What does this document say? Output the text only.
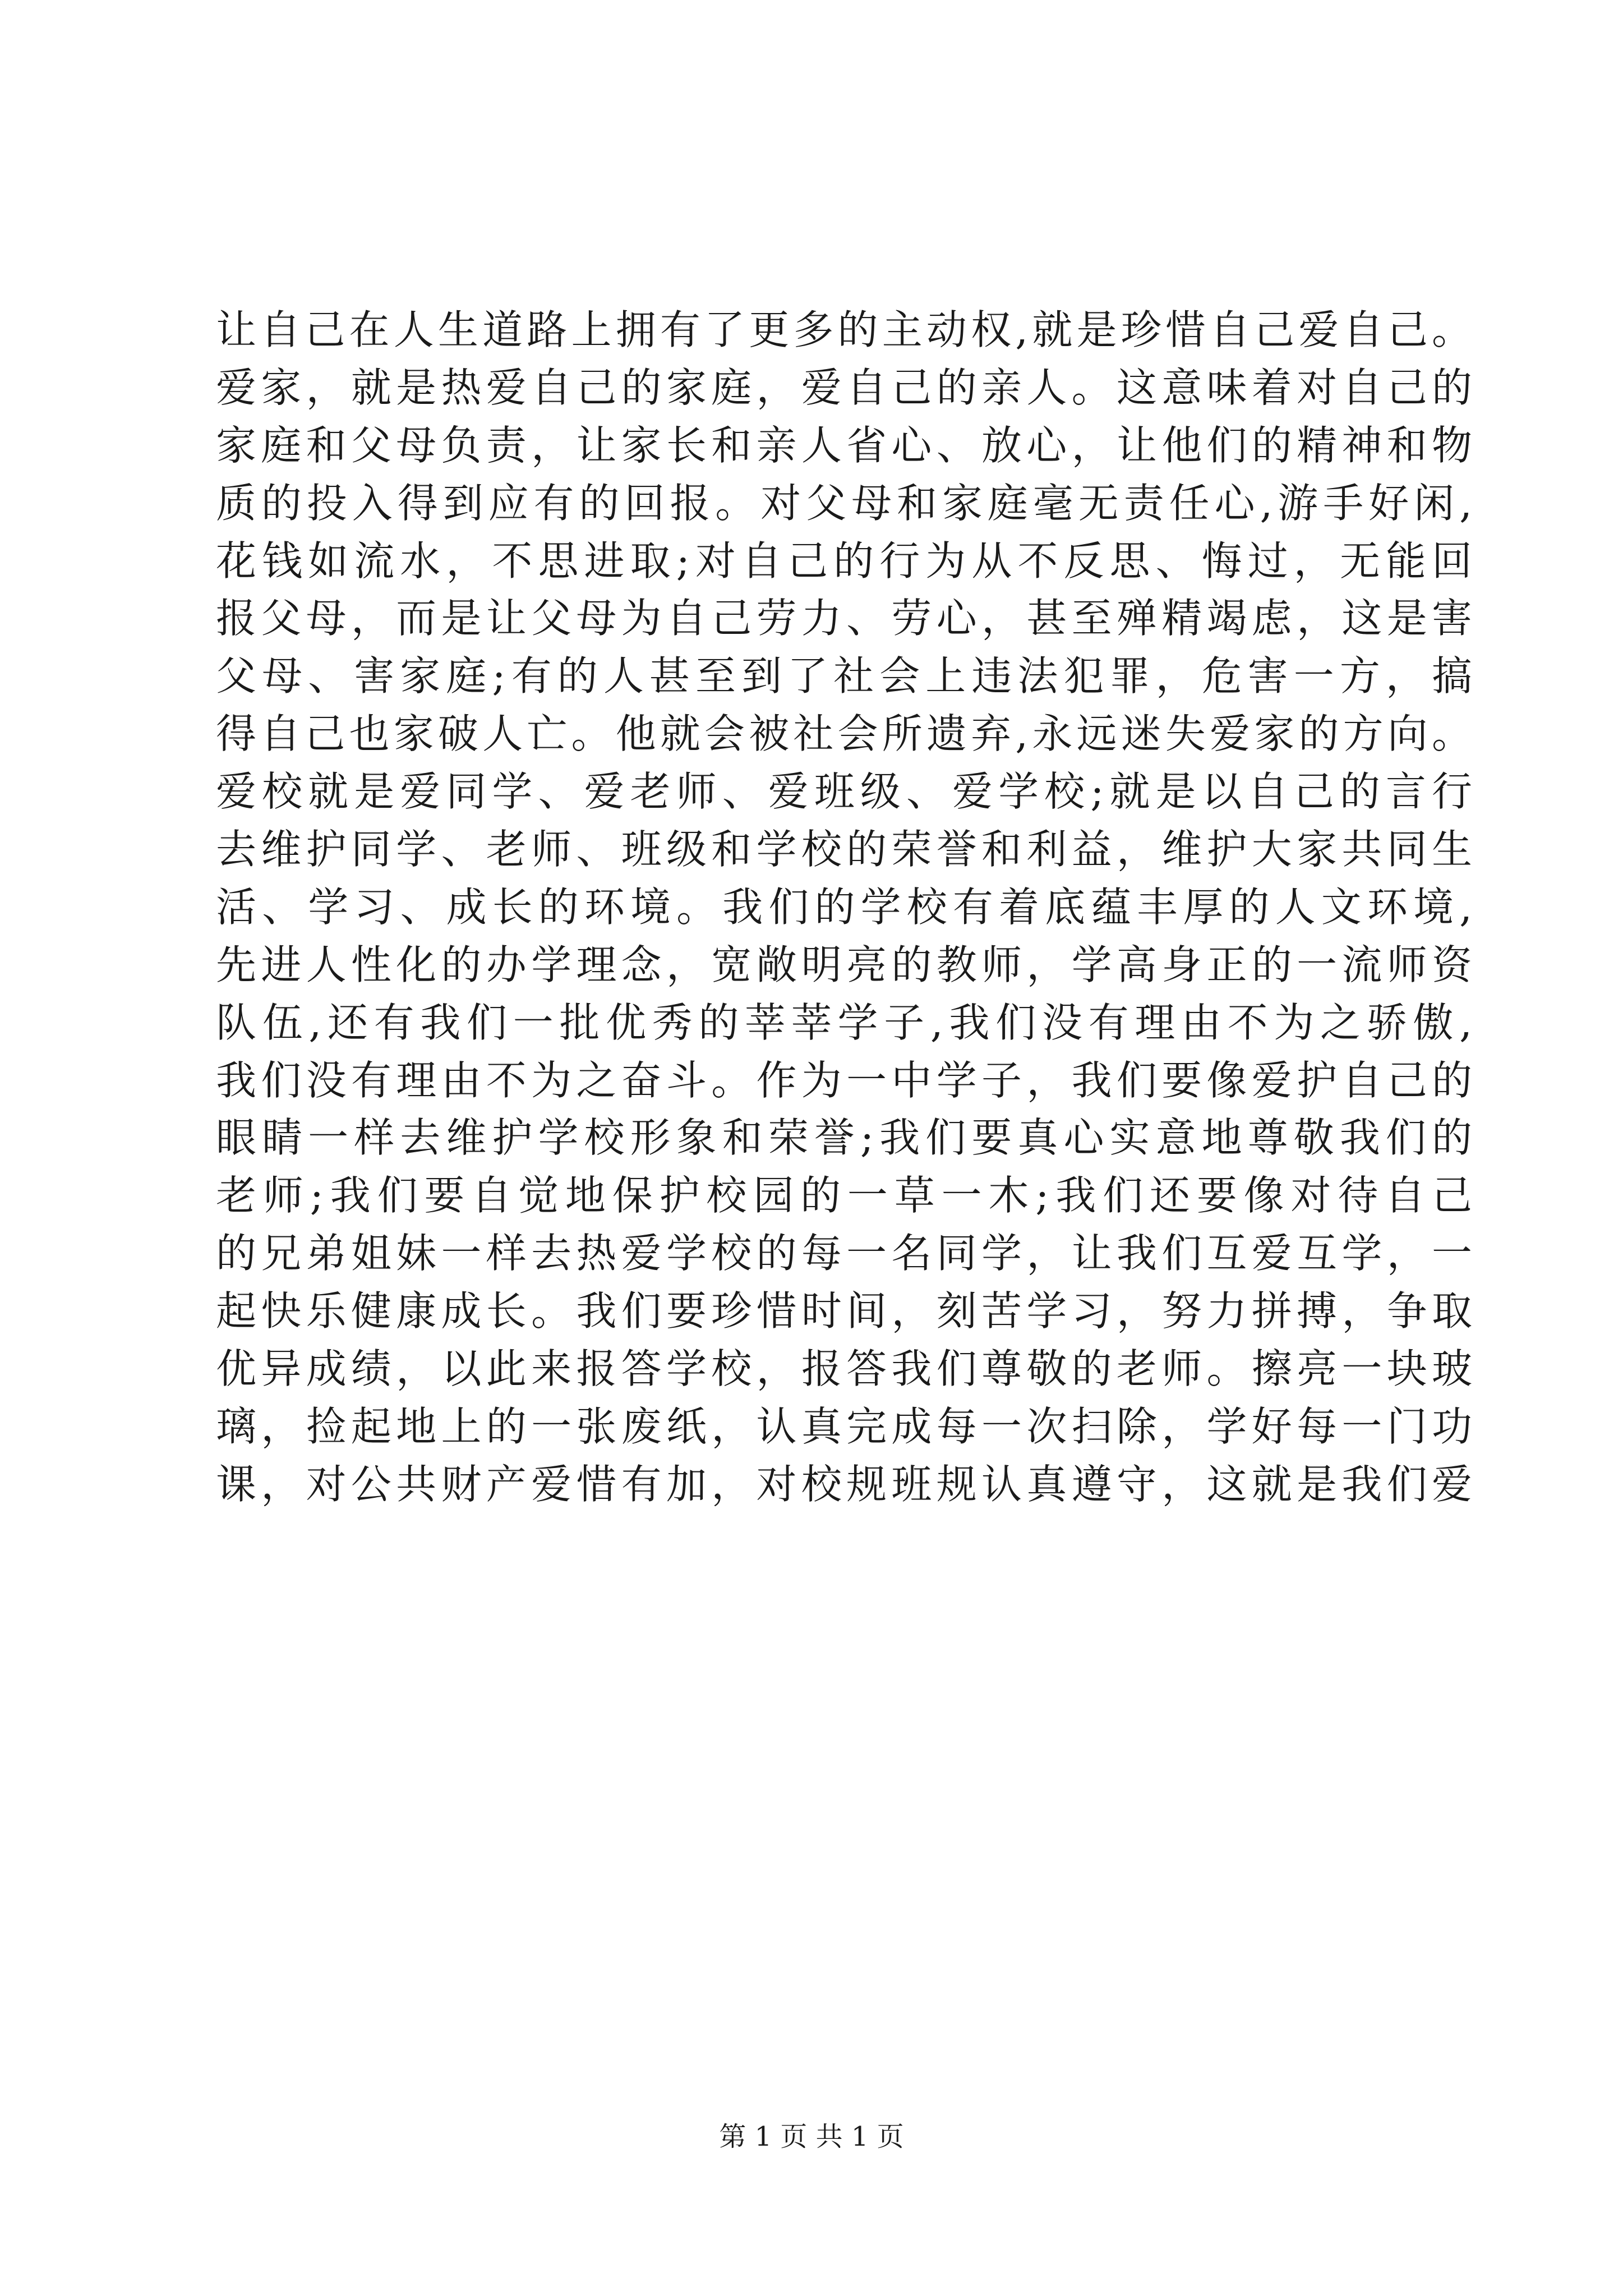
让自己在人生道路上拥有了更多的主动权,就是珍惜自己爱自己。
爱家，就是热爱自己的家庭，爱自己的亲人。这意味着对自己的
家庭和父母负责，让家长和亲人省心、放心，让他们的精神和物
质的投入得到应有的回报。对父母和家庭毫无责任心,游手好闲,
花钱如流水，不思进取;对自己的行为从不反思、悔过，无能回
报父母，而是让父母为自己劳力、劳心，甚至殚精竭虑，这是害
父母、害家庭;有的人甚至到了社会上违法犯罪，危害一方，搞
得自己也家破人亡。他就会被社会所遗弃,永远迷失爱家的方向。
爱校就是爱同学、爱老师、爱班级、爱学校;就是以自己的言行
去维护同学、老师、班级和学校的荣誉和利益，维护大家共同生
活、学习、成长的环境。我们的学校有着底蕴丰厚的人文环境,
先进人性化的办学理念，宽敞明亮的教师，学高身正的一流师资
队伍,还有我们一批优秀的莘莘学子,我们没有理由不为之骄傲,
我们没有理由不为之奋斗。作为一中学子，我们要像爱护自己的
眼睛一样去维护学校形象和荣誉;我们要真心实意地尊敬我们的
老师;我们要自觉地保护校园的一草一木;我们还要像对待自己
的兄弟姐妹一样去热爱学校的每一名同学，让我们互爱互学，一
起快乐健康成长。我们要珍惜时间，刻苦学习，努力拼搏，争取
优异成绩，以此来报答学校，报答我们尊敬的老师。擦亮一块玻
璃，捡起地上的一张废纸，认真完成每一次扫除，学好每一门功
课，对公共财产爱惜有加，对校规班规认真遵守，这就是我们爱
第 1 页 共 1 页
